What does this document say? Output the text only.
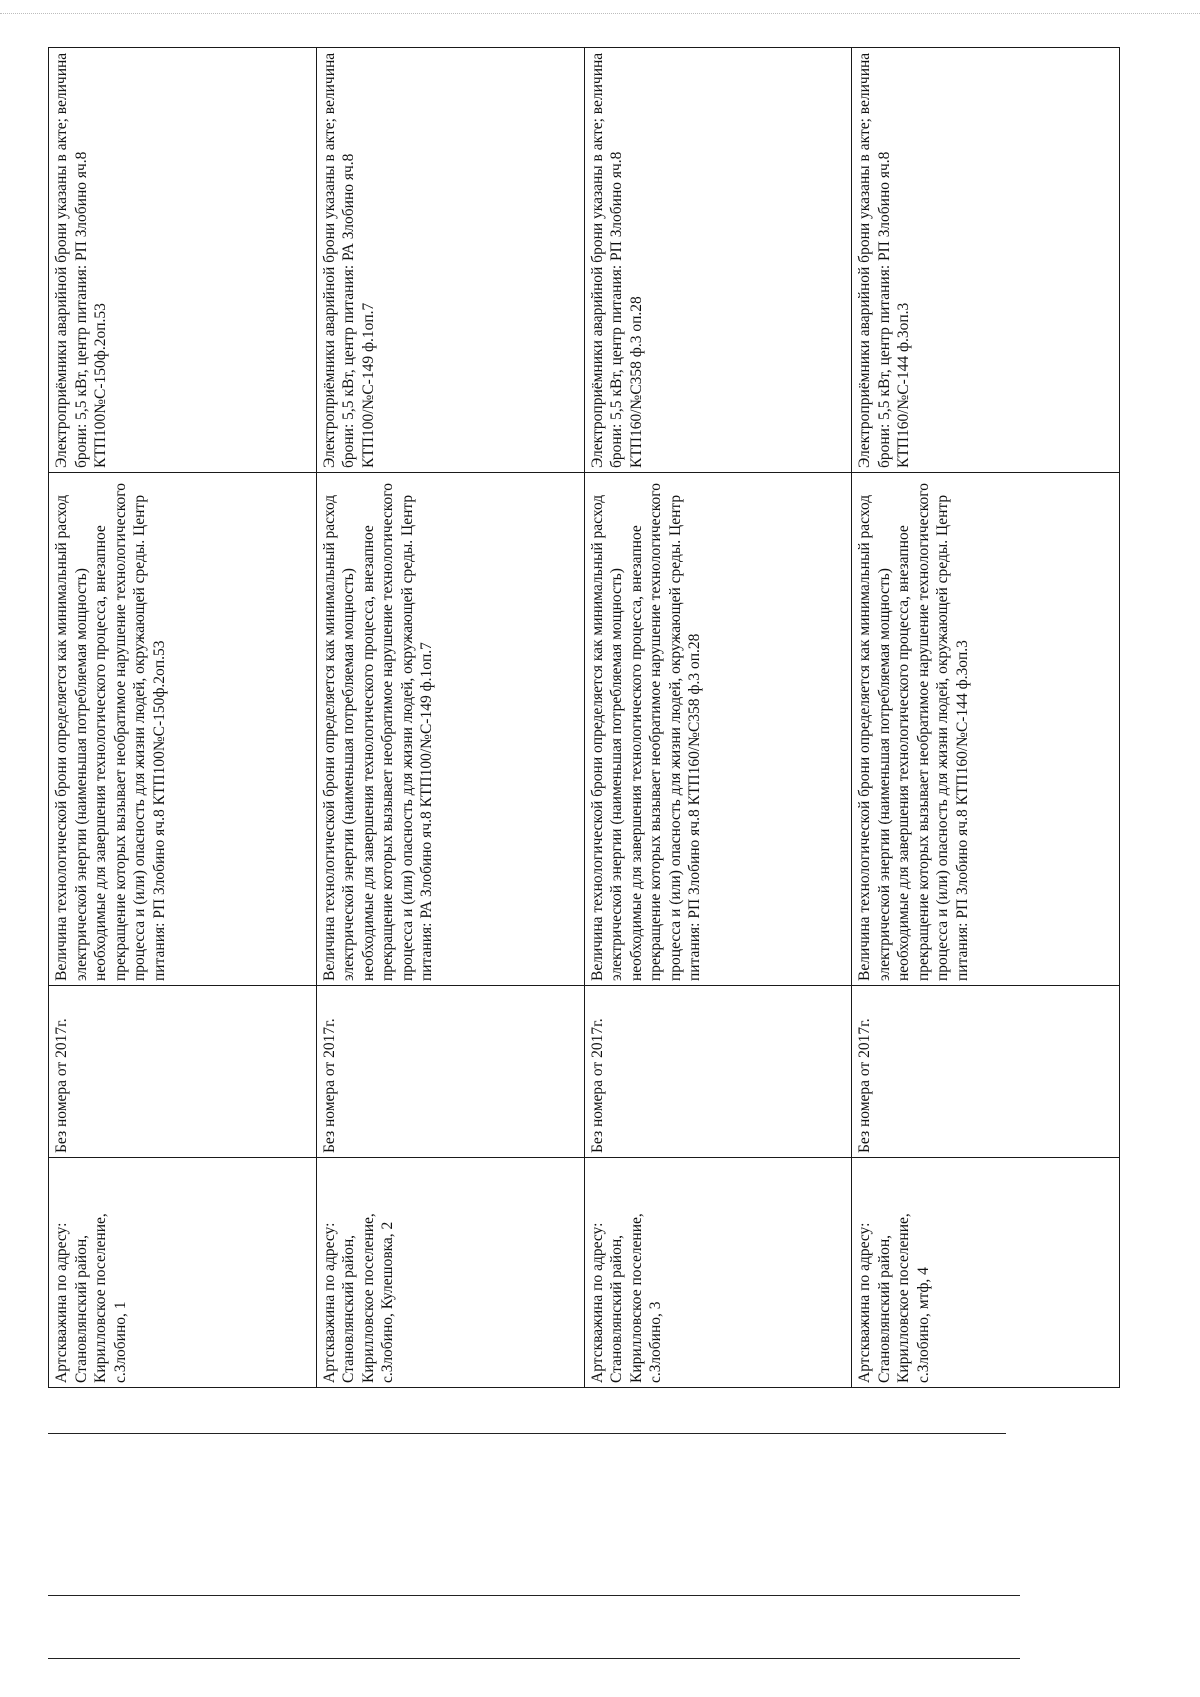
Артскважина по адресу: Становлянский район, Кирилловское поселение, с.Злобино, 1	Без номера от 2017г.	Величина технологической брони определяется как минимальный расход электрической энергии (наименьшая потребляемая мощность) необходимые для завершения технологического процесса, внезапное прекращение которых вызывает необратимое нарушение технологического процесса и (или) опасность для жизни людей, окружающей среды. Центр питания: РП Злобино яч.8 КТП100№С-150ф.2оп.53	Электроприёмники аварийной брони указаны в акте; величина брони: 5,5 кВт, центр питания: РП Злобино яч.8 КТП100№С-150ф.2оп.53
Артскважина по адресу: Становлянский район, Кирилловское поселение, с.Злобино, Кулешовка, 2	Без номера от 2017г.	Величина технологической брони определяется как минимальный расход электрической энергии (наименьшая потребляемая мощность) необходимые для завершения технологического процесса, внезапное прекращение которых вызывает необратимое нарушение технологического процесса и (или) опасность для жизни людей, окружающей среды. Центр питания: РА Злобино яч.8 КТП100/№С-149 ф.1оп.7	Электроприёмники аварийной брони указаны в акте; величина брони: 5,5 кВт, центр питания: РА Злобино яч.8 КТП100/№С-149 ф.1оп.7
Артскважина по адресу: Становлянский район, Кирилловское поселение, с.Злобино, 3	Без номера от 2017г.	Величина технологической брони определяется как минимальный расход электрической энергии (наименьшая потребляемая мощность) необходимые для завершения технологического процесса, внезапное прекращение которых вызывает необратимое нарушение технологического процесса и (или) опасность для жизни людей, окружающей среды. Центр питания: РП Злобино яч.8 КТП160/№С358 ф.3 оп.28	Электроприёмники аварийной брони указаны в акте; величина брони: 5,5 кВт, центр питания: РП Злобино яч.8 КТП160/№С358 ф.3 оп.28
Артскважина по адресу: Становлянский район, Кирилловское поселение, с.Злобино, мтф, 4	Без номера от 2017г.	Величина технологической брони определяется как минимальный расход электрической энергии (наименьшая потребляемая мощность) необходимые для завершения технологического процесса, внезапное прекращение которых вызывает необратимое нарушение технологического процесса и (или) опасность для жизни людей, окружающей среды. Центр питания: РП Злобино яч.8 КТП160/№С-144 ф.3оп.3	Электроприёмники аварийной брони указаны в акте; величина брони: 5,5 кВт, центр питания: РП Злобино яч.8 КТП160/№С-144 ф.3оп.3
